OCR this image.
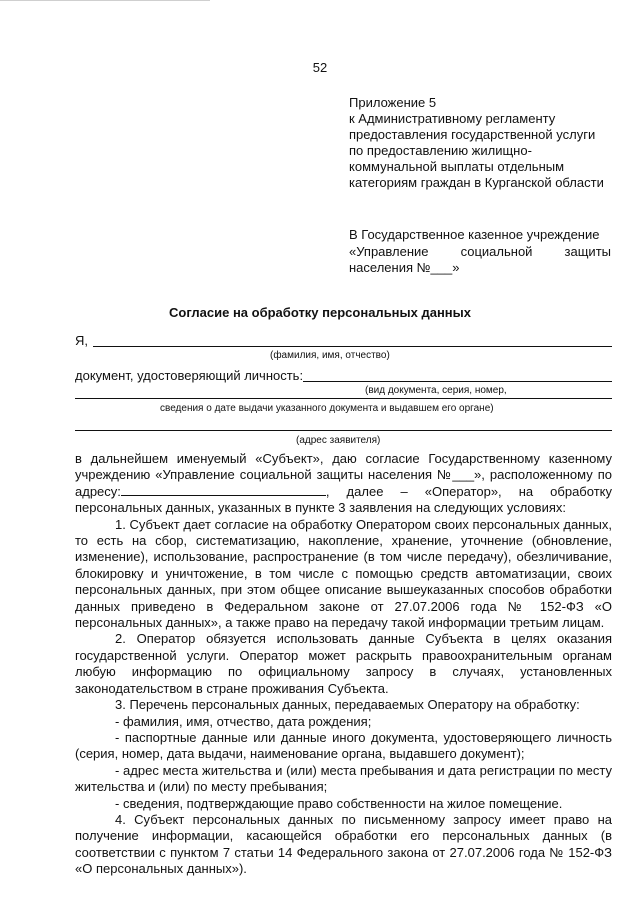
52
Приложение 5
к Административному регламенту
предоставления государственной услуги
по предоставлению жилищно-
коммунальной выплаты отдельным
категориям граждан в Курганской области
В Государственное казенное учреждение
«Управление социальной защиты
населения №___»
Согласие на обработку персональных данных
Я,
(фамилия, имя, отчество)
документ, удостоверяющий личность:
(вид документа, серия, номер,
сведения о дате выдачи указанного документа и выдавшем его органе)
(адрес заявителя)

в дальнейшем именуемый «Субъект», даю согласие Государственному казенному учреждению «Управление социальной защиты населения №___», расположенному по адресу:	, далее – «Оператор», на обработку персональных данных, указанных в пункте 3 заявления на следующих условиях:

1. Субъект дает согласие на обработку Оператором своих персональных данных, то есть на сбор, систематизацию, накопление, хранение, уточнение (обновление, изменение), использование, распространение (в том числе передачу), обезличивание, блокировку и уничтожение, в том числе с помощью средств автоматизации, своих персональных данных, при этом общее описание вышеуказанных способов обработки данных приведено в Федеральном законе от 27.07.2006 года № 152-ФЗ «О персональных данных», а также право на передачу такой информации третьим лицам.

2. Оператор обязуется использовать данные Субъекта в целях оказания государственной услуги. Оператор может раскрыть правоохранительным органам любую информацию по официальному запросу в случаях, установленных законодательством в стране проживания Субъекта.

3. Перечень персональных данных, передаваемых Оператору на обработку:

- фамилия, имя, отчество, дата рождения;

- паспортные данные или данные иного документа, удостоверяющего личность (серия, номер, дата выдачи, наименование органа, выдавшего документ);

- адрес места жительства и (или) места пребывания и дата регистрации по месту жительства и (или) по месту пребывания;

- сведения, подтверждающие право собственности на жилое помещение.

4. Субъект персональных данных по письменному запросу имеет право на получение информации, касающейся обработки его персональных данных (в соответствии с пунктом 7 статьи 14 Федерального закона от 27.07.2006 года № 152-ФЗ «О персональных данных»).
